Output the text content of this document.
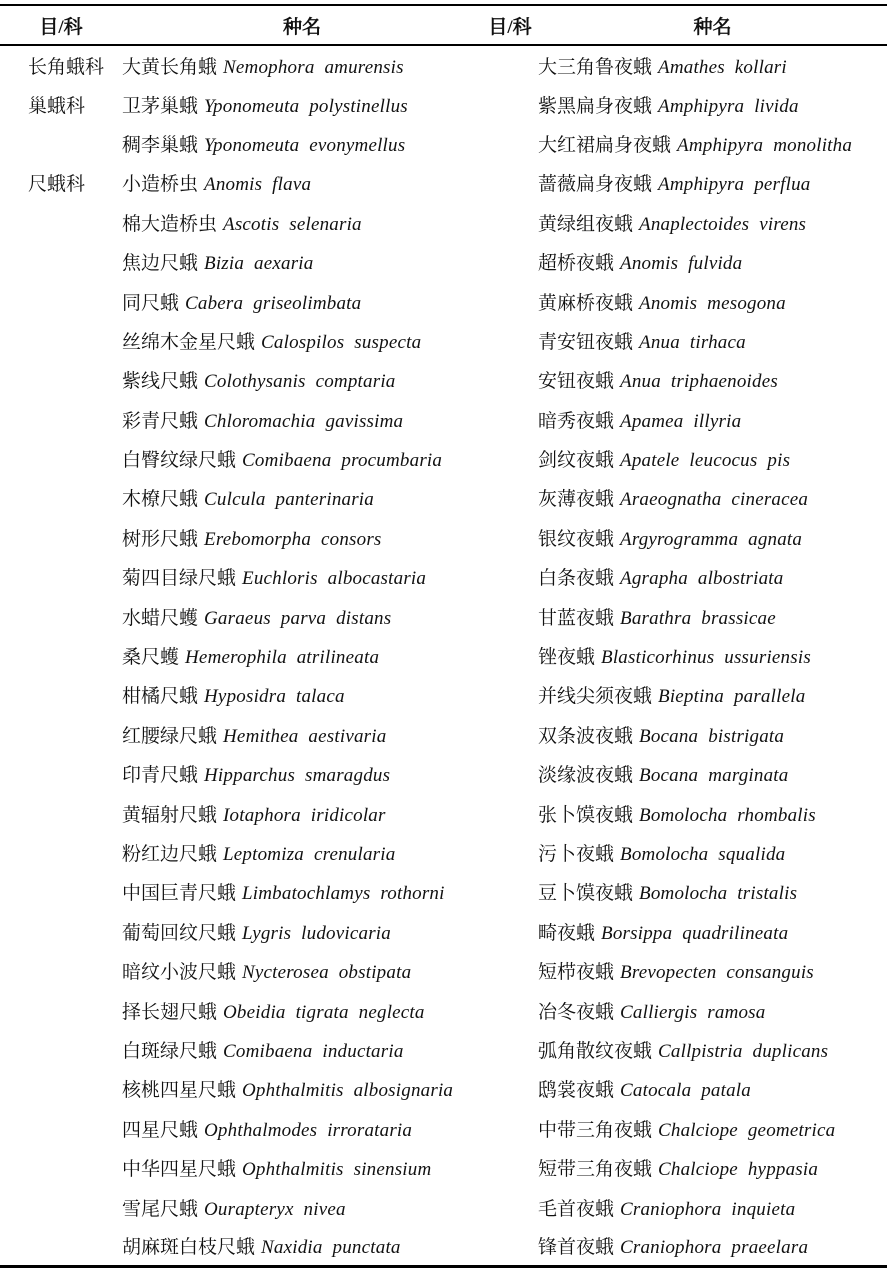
目/科	种名	目/科	种名
长角蛾科	大黄长角蛾 Nemophora amurensis		大三角鲁夜蛾 Amathes kollari
巢蛾科	卫茅巢蛾 Yponomeuta polystinellus		紫黑扁身夜蛾 Amphipyra livida
	稠李巢蛾 Yponomeuta evonymellus		大红裙扁身夜蛾 Amphipyra monolitha
尺蛾科	小造桥虫 Anomis flava		蔷薇扁身夜蛾 Amphipyra perflua
	棉大造桥虫 Ascotis selenaria		黄绿组夜蛾 Anaplectoides virens
	焦边尺蛾 Bizia aexaria		超桥夜蛾 Anomis fulvida
	同尺蛾 Cabera griseolimbata		黄麻桥夜蛾 Anomis mesogona
	丝绵木金星尺蛾 Calospilos suspecta		青安钮夜蛾 Anua tirhaca
	紫线尺蛾 Colothysanis comptaria		安钮夜蛾 Anua triphaenoides
	彩青尺蛾 Chloromachia gavissima		暗秀夜蛾 Apamea illyria
	白臀纹绿尺蛾 Comibaena procumbaria		剑纹夜蛾 Apatele leucocus pis
	木橑尺蛾 Culcula panterinaria		灰薄夜蛾 Araeognatha cineracea
	树形尺蛾 Erebomorpha consors		银纹夜蛾 Argyrogramma agnata
	菊四目绿尺蛾 Euchloris albocastaria		白条夜蛾 Agrapha albostriata
	水蜡尺蠖 Garaeus parva distans		甘蓝夜蛾 Barathra brassicae
	桑尺蠖 Hemerophila atrilineata		锉夜蛾 Blasticorhinus ussuriensis
	柑橘尺蛾 Hyposidra talaca		并线尖须夜蛾 Bieptina parallela
	红腰绿尺蛾 Hemithea aestivaria		双条波夜蛾 Bocana bistrigata
	印青尺蛾 Hipparchus smaragdus		淡缘波夜蛾 Bocana marginata
	黄辐射尺蛾 Iotaphora iridicolar		张卜馍夜蛾 Bomolocha rhombalis
	粉红边尺蛾 Leptomiza crenularia		污卜夜蛾 Bomolocha squalida
	中国巨青尺蛾 Limbatochlamys rothorni		豆卜馍夜蛾 Bomolocha tristalis
	葡萄回纹尺蛾 Lygris ludovicaria		畸夜蛾 Borsippa quadrilineata
	暗纹小波尺蛾 Nycterosea obstipata		短栉夜蛾 Brevopecten consanguis
	择长翅尺蛾 Obeidia tigrata neglecta		冶冬夜蛾 Calliergis ramosa
	白斑绿尺蛾 Comibaena inductaria		弧角散纹夜蛾 Callpistria duplicans
	核桃四星尺蛾 Ophthalmitis albosignaria		鸱裳夜蛾 Catocala patala
	四星尺蛾 Ophthalmodes irrorataria		中带三角夜蛾 Chalciope geometrica
	中华四星尺蛾 Ophthalmitis sinensium		短带三角夜蛾 Chalciope hyppasia
	雪尾尺蛾 Ourapteryx nivea		毛首夜蛾 Craniophora inquieta
	胡麻斑白枝尺蛾 Naxidia punctata		锋首夜蛾 Craniophora praeelara
